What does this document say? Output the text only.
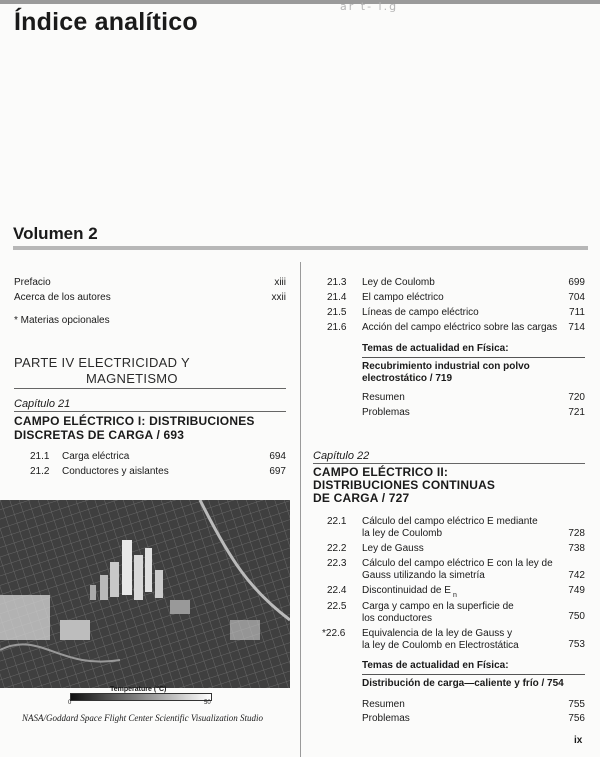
ar t- l.g
Índice analítico
Volumen 2
Prefacio	xiii
Acerca de los autores	xxii
* Materias opcionales
PARTE IV ELECTRICIDAD Y
MAGNETISMO
Capítulo 21
CAMPO ELÉCTRICO I: DISTRIBUCIONES
DISCRETAS DE CARGA / 693
21.1 Carga eléctrica	694
21.2 Conductores y aislantes	697
Temperature (°C)
0	50
NASA/Goddard Space Flight Center Scientific Visualization Studio
21.3 Ley de Coulomb	699
21.4 El campo eléctrico	704
21.5 Líneas de campo eléctrico	711
21.6 Acción del campo eléctrico sobre las cargas	714
Temas de actualidad en Física:
Recubrimiento industrial con polvo
electrostático / 719
Resumen	720
Problemas	721
Capítulo 22
CAMPO ELÉCTRICO II:
DISTRIBUCIONES CONTINUAS
DE CARGA / 727
22.1 Cálculo del campo eléctrico E mediante
la ley de Coulomb	728
22.2 Ley de Gauss	738
22.3 Cálculo del campo eléctrico E con la ley de
Gauss utilizando la simetría	742
22.4 Discontinuidad de E n	749
22.5 Carga y campo en la superficie de
los conductores	750
*22.6 Equivalencia de la ley de Gauss y
la ley de Coulomb en Electrostática	753
Temas de actualidad en Física:
Distribución de carga—caliente y frío / 754
Resumen	755
Problemas	756
ix
